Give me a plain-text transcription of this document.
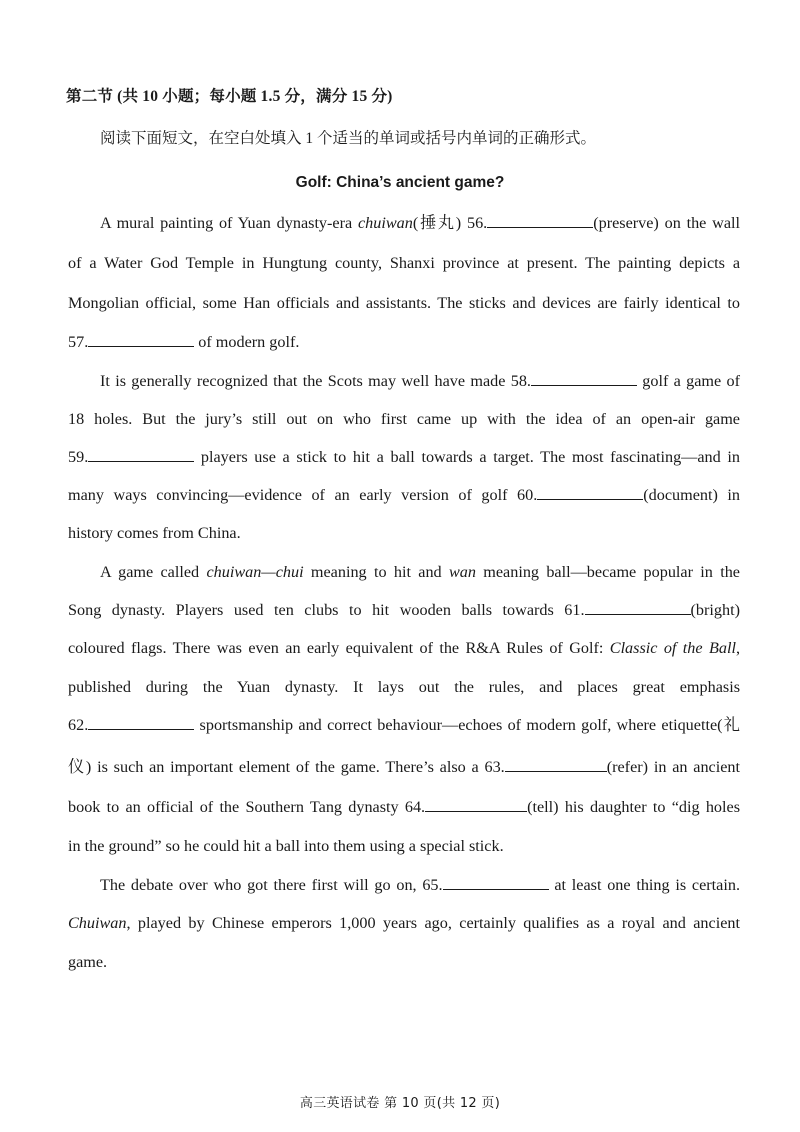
第二节 (共 10 小题；每小题 1.5 分，满分 15 分)
阅读下面短文，在空白处填入 1 个适当的单词或括号内单词的正确形式。
Golf: China’s ancient game?
A mural painting of Yuan dynasty-era chuiwan(捶丸) 56.	(preserve) on the wall
of a Water God Temple in Hungtung county, Shanxi province at present. The painting depicts a
Mongolian official, some Han officials and assistants. The sticks and devices are fairly identical to
57.	of modern golf.
It is generally recognized that the Scots may well have made 58.	golf a game of
18 holes. But the jury’s still out on who first came up with the idea of an open-air game
59.	players use a stick to hit a ball towards a target. The most fascinating—and in
many ways convincing—evidence of an early version of golf 60.	(document) in
history comes from China.
A game called chuiwan—chui meaning to hit and wan meaning ball—became popular in the
Song dynasty. Players used ten clubs to hit wooden balls towards 61.	(bright)
coloured flags. There was even an early equivalent of the R&A Rules of Golf: Classic of the Ball,
published during the Yuan dynasty. It lays out the rules, and places great emphasis
62.	sportsmanship and correct behaviour—echoes of modern golf, where etiquette(礼
仪) is such an important element of the game. There’s also a 63.	(refer) in an ancient
book to an official of the Southern Tang dynasty 64.	(tell) his daughter to “dig holes
in the ground” so he could hit a ball into them using a special stick.
The debate over who got there first will go on, 65.	at least one thing is certain.
Chuiwan, played by Chinese emperors 1,000 years ago, certainly qualifies as a royal and ancient
game.
高三英语试卷 第 10 页(共 12 页)
